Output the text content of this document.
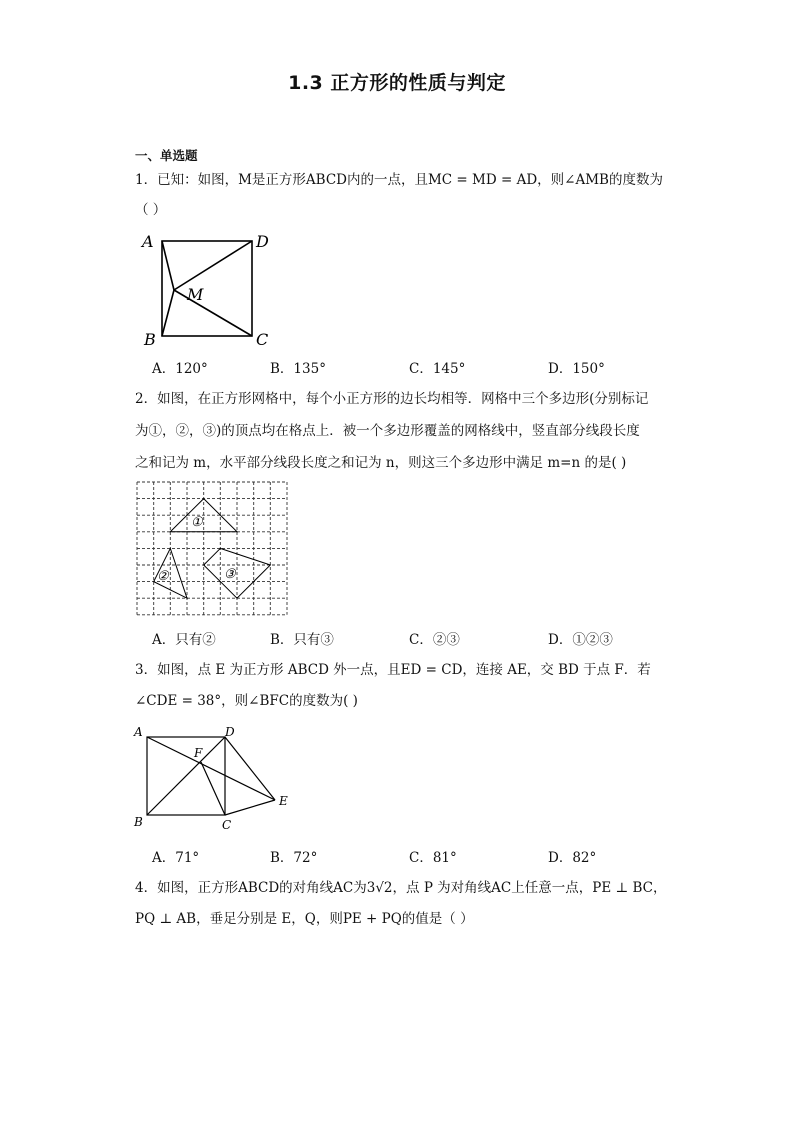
1.3 正方形的性质与判定
一、单选题
1．已知：如图，M是正方形ABCD内的一点，且MC = MD = AD，则∠AMB的度数为
（ ）
A	D
B	C
M
A．120°	B．135°	C．145°	D．150°
2．如图，在正方形网格中，每个小正方形的边长均相等．网格中三个多边形(分别标记
为①，②，③)的顶点均在格点上．被一个多边形覆盖的网格线中，竖直部分线段长度
之和记为 m，水平部分线段长度之和记为 n，则这三个多边形中满足 m=n 的是( )
①
②	③
A．只有②	B．只有③	C．②③	D．①②③
3．如图，点 E 为正方形 ABCD 外一点，且ED = CD，连接 AE，交 BD 于点 F．若
∠CDE = 38°，则∠BFC的度数为( )
A	D
B	C
E
F
A．71°	B．72°	C．81°	D．82°
4．如图，正方形ABCD的对角线AC为3√2，点 P 为对角线AC上任意一点，PE ⊥ BC，
PQ ⊥ AB，垂足分别是 E，Q，则PE + PQ的值是（ ）
